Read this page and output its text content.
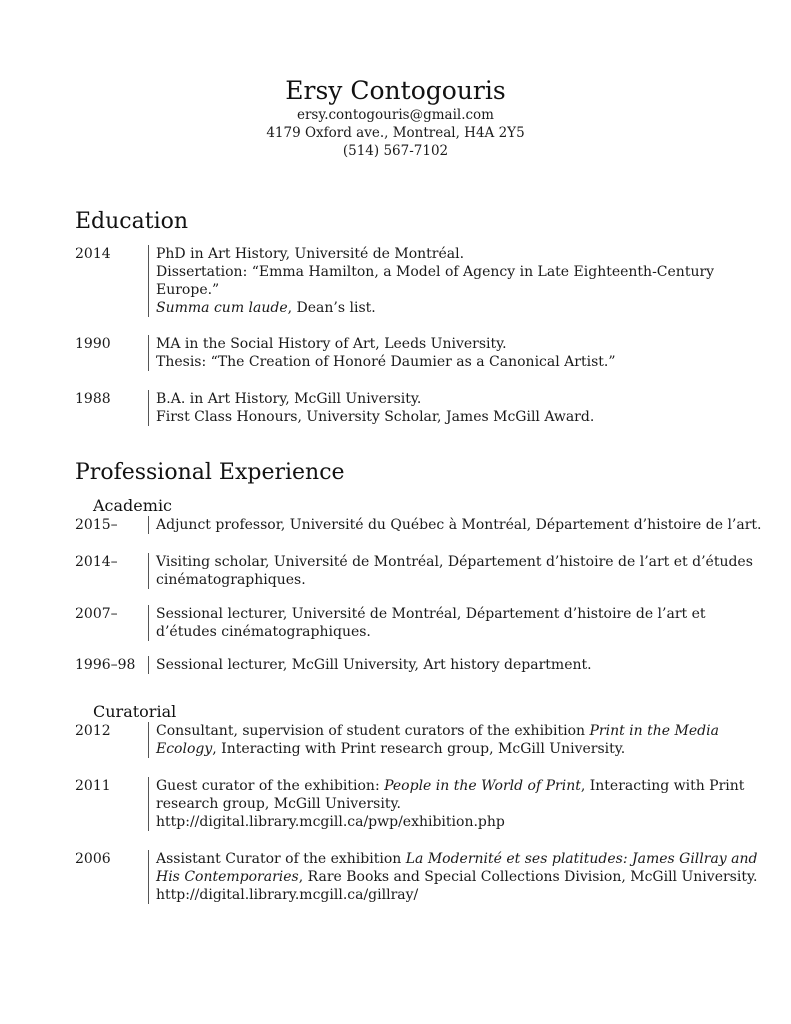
Ersy Contogouris
ersy.contogouris@gmail.com
4179 Oxford ave., Montreal, H4A 2Y5
(514) 567-7102
Education
2014	PhD in Art History, Université de Montréal.
Dissertation: “Emma Hamilton, a Model of Agency in Late Eighteenth-Century
Europe.”
Summa cum laude, Dean’s list.
1990	MA in the Social History of Art, Leeds University.
Thesis: “The Creation of Honoré Daumier as a Canonical Artist.”
1988	B.A. in Art History, McGill University.
First Class Honours, University Scholar, James McGill Award.
Professional Experience
Academic
2015–	Adjunct professor, Université du Québec à Montréal, Département d’histoire de l’art.
2014–	Visiting scholar, Université de Montréal, Département d’histoire de l’art et d’études
cinématographiques.
2007–	Sessional lecturer, Université de Montréal, Département d’histoire de l’art et
d’études cinématographiques.
1996–98 Sessional lecturer, McGill University, Art history department.
Curatorial
2012	Consultant, supervision of student curators of the exhibition Print in the Media
Ecology, Interacting with Print research group, McGill University.
2011	Guest curator of the exhibition: People in the World of Print, Interacting with Print
research group, McGill University.
http://digital.library.mcgill.ca/pwp/exhibition.php
2006	Assistant Curator of the exhibition La Modernité et ses platitudes: James Gillray and
His Contemporaries, Rare Books and Special Collections Division, McGill University.
http://digital.library.mcgill.ca/gillray/
